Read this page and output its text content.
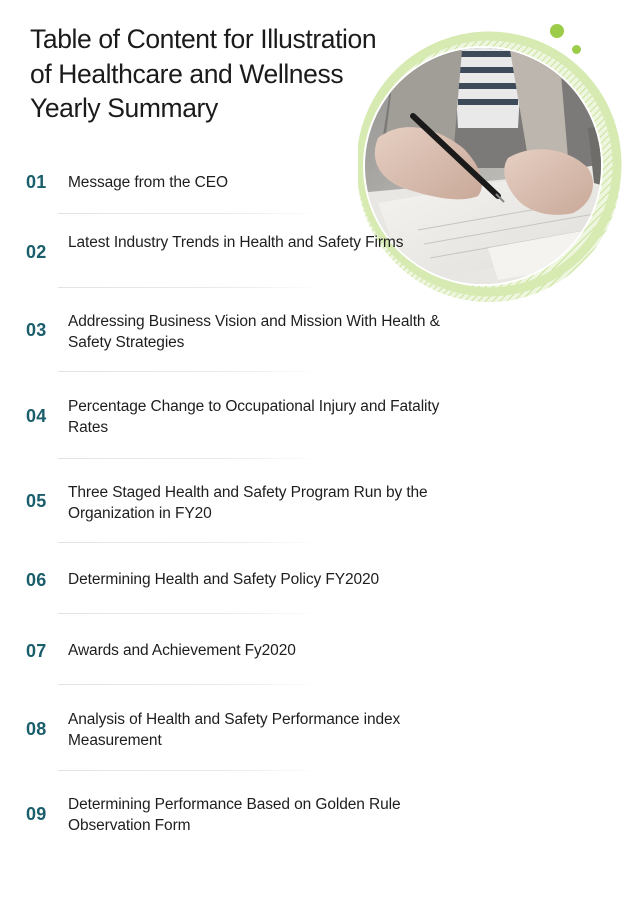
Table of Content for Illustration of Healthcare and Wellness Yearly Summary
01 Message from the CEO
02 Latest Industry Trends in Health and Safety Firms
03 Addressing Business Vision and Mission With Health & Safety Strategies
04 Percentage Change to Occupational Injury and Fatality Rates
05 Three Staged Health and Safety Program Run by the Organization in FY20
06 Determining Health and Safety Policy FY2020
07 Awards and Achievement Fy2020
08 Analysis of Health and Safety Performance index Measurement
09 Determining Performance Based on Golden Rule Observation Form
